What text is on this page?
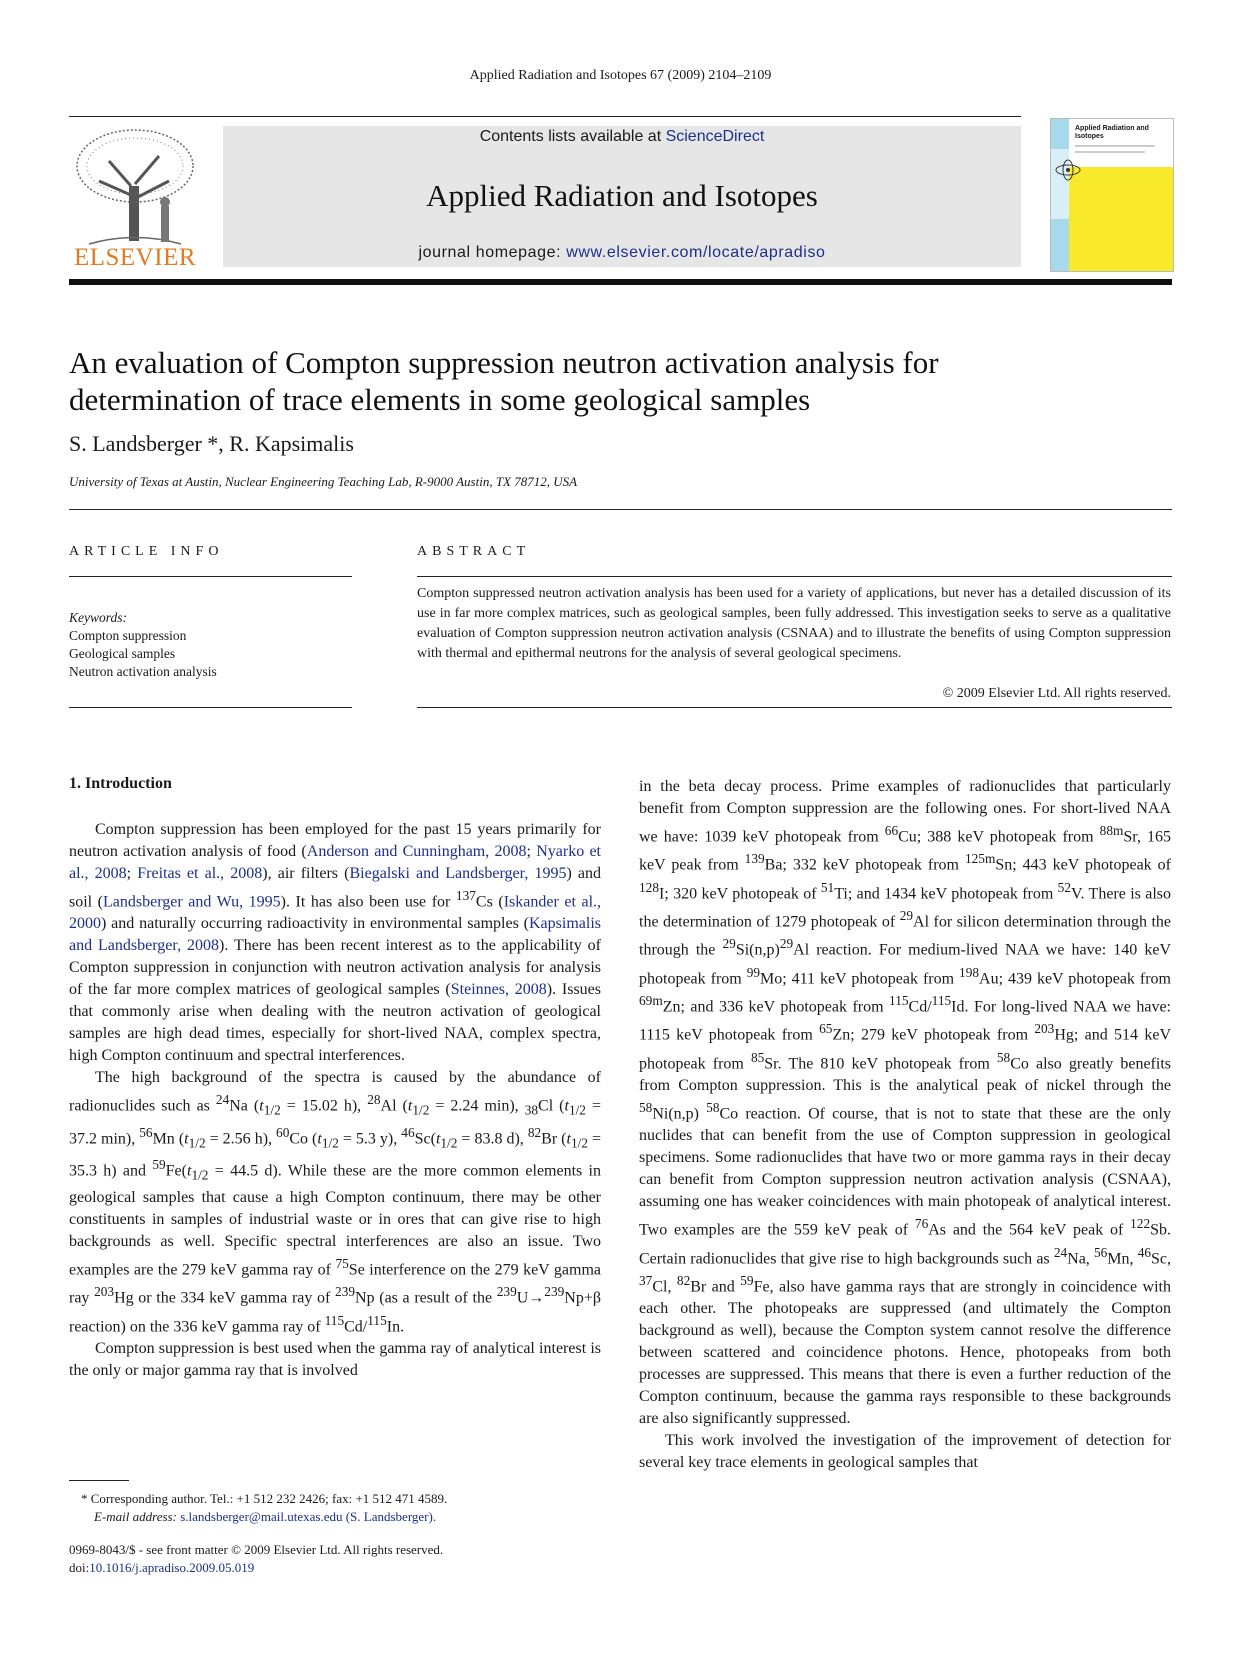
Applied Radiation and Isotopes 67 (2009) 2104–2109
ELSEVIER
Contents lists available at ScienceDirect
Applied Radiation and Isotopes
journal homepage: www.elsevier.com/locate/apradiso
Applied Radiation and Isotopes
An evaluation of Compton suppression neutron activation analysis for
determination of trace elements in some geological samples
S. Landsberger *, R. Kapsimalis
University of Texas at Austin, Nuclear Engineering Teaching Lab, R-9000 Austin, TX 78712, USA
ARTICLE INFO	ABSTRACT
Keywords:
Compton suppression
Geological samples
Neutron activation analysis
Compton suppressed neutron activation analysis has been used for a variety of applications, but never has a detailed discussion of its use in far more complex matrices, such as geological samples, been fully addressed. This investigation seeks to serve as a qualitative evaluation of Compton suppression neutron activation analysis (CSNAA) and to illustrate the benefits of using Compton suppression with thermal and epithermal neutrons for the analysis of several geological specimens.
© 2009 Elsevier Ltd. All rights reserved.

1. Introduction

Compton suppression has been employed for the past 15 years primarily for neutron activation analysis of food (Anderson and Cunningham, 2008; Nyarko et al., 2008; Freitas et al., 2008), air filters (Biegalski and Landsberger, 1995) and soil (Landsberger and Wu, 1995). It has also been use for $^{137}$Cs (Iskander et al., 2000) and naturally occurring radioactivity in environmental samples (Kapsimalis and Landsberger, 2008). There has been recent interest as to the applicability of Compton suppression in conjunction with neutron activation analysis for analysis of the far more complex matrices of geological samples (Steinnes, 2008). Issues that commonly arise when dealing with the neutron activation of geological samples are high dead times, especially for short-lived NAA, complex spectra, high Compton continuum and spectral interferences.

The high background of the spectra is caused by the abundance of radionuclides such as $^{24}$Na ($t_{1/2} = 15.02$ h), $^{28}$Al ($t_{1/2} = 2.24$ min), $_{38}$Cl ($t_{1/2} = 37.2$ min), $^{56}$Mn ($t_{1/2} = 2.56$ h), $^{60}$Co ($t_{1/2} = 5.3$ y), $^{46}Sc(t_{1/2} = 83.8$ d), $^{82}$Br ($t_{1/2} = 35.3$ h) and $^{59}Fe(t_{1/2} = 44.5$ d). While these are the more common elements in geological samples that cause a high Compton continuum, there may be other constituents in samples of industrial waste or in ores that can give rise to high backgrounds as well. Specific spectral interferences are also an issue. Two examples are the 279 keV gamma ray of $^{75}$Se interference on the 279 keV gamma ray $^{203}$Hg or the 334 keV gamma ray of $^{239}$Np (as a result of the $^{239}$U→$^{239}$Np+β reaction) on the 336 keV gamma ray of $^{115}$Cd/$^{115}$In.

Compton suppression is best used when the gamma ray of analytical interest is the only or major gamma ray that is involved

in the beta decay process. Prime examples of radionuclides that particularly benefit from Compton suppression are the following ones. For short-lived NAA we have: 1039 keV photopeak from $^{66}$Cu; 388 keV photopeak from $^{88m}$Sr, 165 keV peak from $^{139}$Ba; 332 keV photopeak from $^{125m}$Sn; 443 keV photopeak of $^{128}$I; 320 keV photopeak of $^{51}$Ti; and 1434 keV photopeak from $^{52}$V. There is also the determination of 1279 photopeak of $^{29}$Al for silicon determination through the through the $^{29}Si(n,p)^{29}Al$ reaction. For medium-lived NAA we have: 140 keV photopeak from $^{99}$Mo; 411 keV photopeak from $^{198}$Au; 439 keV photopeak from $^{69m}$Zn; and 336 keV photopeak from $^{115}$Cd/$^{115}$Id. For long-lived NAA we have: 1115 keV photopeak from $^{65}$Zn; 279 keV photopeak from $^{203}$Hg; and 514 keV photopeak from $^{85}$Sr. The 810 keV photopeak from $^{58}$Co also greatly benefits from Compton suppression. This is the analytical peak of nickel through the $^{58}$Ni(n,p) $^{58}$Co reaction. Of course, that is not to state that these are the only nuclides that can benefit from the use of Compton suppression in geological specimens. Some radionuclides that have two or more gamma rays in their decay can benefit from Compton suppression neutron activation analysis (CSNAA), assuming one has weaker coincidences with main photopeak of analytical interest. Two examples are the 559 keV peak of $^{76}$As and the 564 keV peak of $^{122}$Sb. Certain radionuclides that give rise to high backgrounds such as $^{24}$Na, $^{56}$Mn, $^{46}$Sc, $^{37}$Cl, $^{82}$Br and $^{59}$Fe, also have gamma rays that are strongly in coincidence with each other. The photopeaks are suppressed (and ultimately the Compton background as well), because the Compton system cannot resolve the difference between scattered and coincidence photons. Hence, photopeaks from both processes are suppressed. This means that there is even a further reduction of the Compton continuum, because the gamma rays responsible to these backgrounds are also significantly suppressed.

This work involved the investigation of the improvement of detection for several key trace elements in geological samples that

* Corresponding author. Tel.: +1 512 232 2426; fax: +1 512 471 4589.
E-mail address: s.landsberger@mail.utexas.edu (S. Landsberger).
0969-8043/$ - see front matter © 2009 Elsevier Ltd. All rights reserved.
doi:10.1016/j.apradiso.2009.05.019
